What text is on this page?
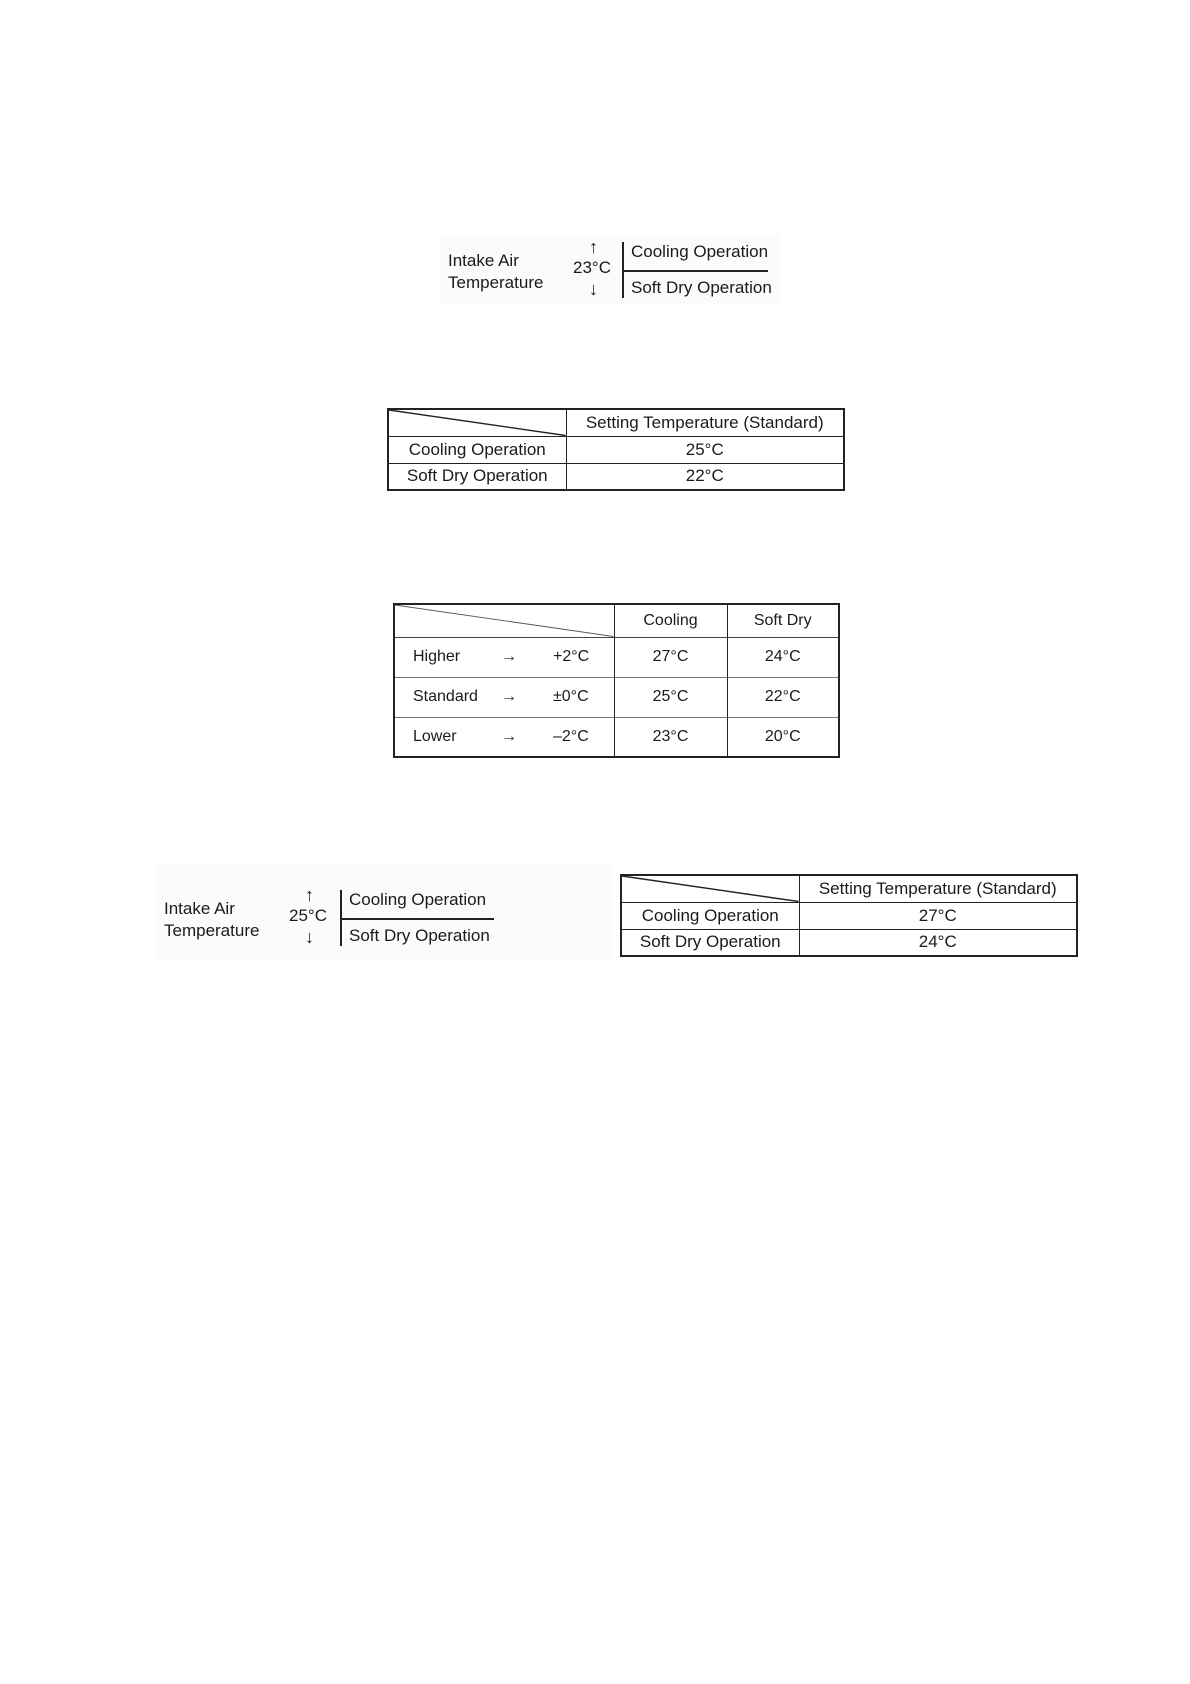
Intake Air
Temperature
↑
23°C
↓
Cooling Operation
Soft Dry Operation
	Setting Temperature (Standard)
Cooling Operation	25°C
Soft Dry Operation	22°C
	Cooling	Soft Dry

Higher → +2°C	27°C	24°C

Standard → ±0°C	25°C	22°C

Lower → –2°C	23°C	20°C
Intake Air
Temperature
↑
25°C
↓
Cooling Operation
Soft Dry Operation
	Setting Temperature (Standard)
Cooling Operation	27°C
Soft Dry Operation	24°C
